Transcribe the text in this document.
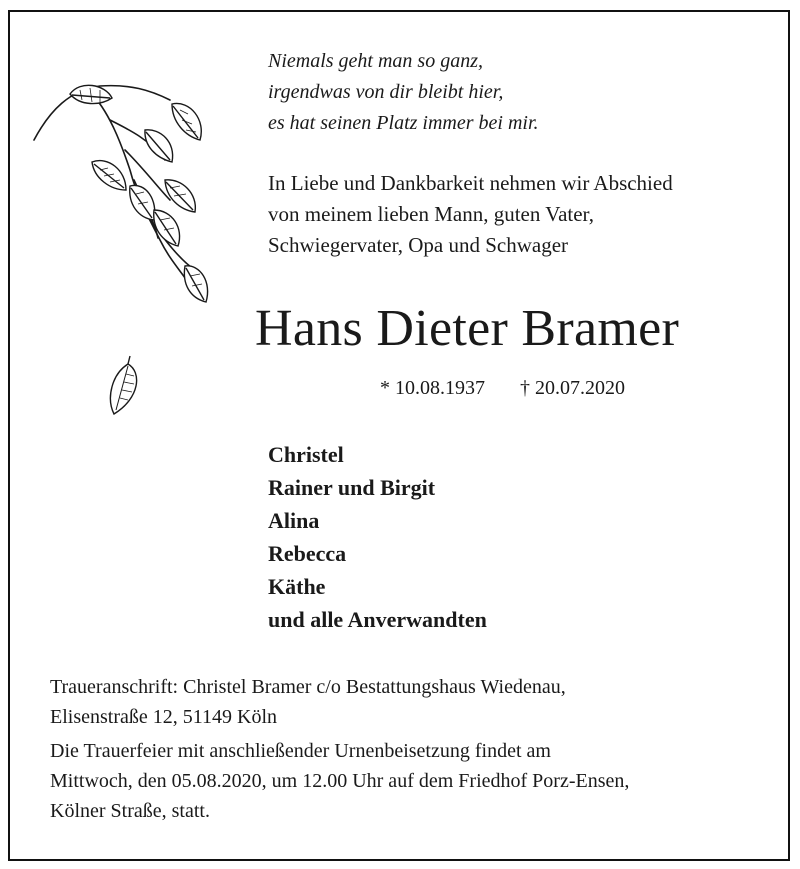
Niemals geht man so ganz,
irgendwas von dir bleibt hier,
es hat seinen Platz immer bei mir.
In Liebe und Dankbarkeit nehmen wir Abschied
von meinem lieben Mann, guten Vater,
Schwiegervater, Opa und Schwager
Hans Dieter Bramer
* 10.08.1937 † 20.07.2020
Christel
Rainer und Birgit
Alina
Rebecca
Käthe
und alle Anverwandten
Traueranschrift: Christel Bramer c/o Bestattungshaus Wiedenau,
Elisenstraße 12, 51149 Köln
Die Trauerfeier mit anschließender Urnenbeisetzung findet am
Mittwoch, den 05.08.2020, um 12.00 Uhr auf dem Friedhof Porz-Ensen,
Kölner Straße, statt.
